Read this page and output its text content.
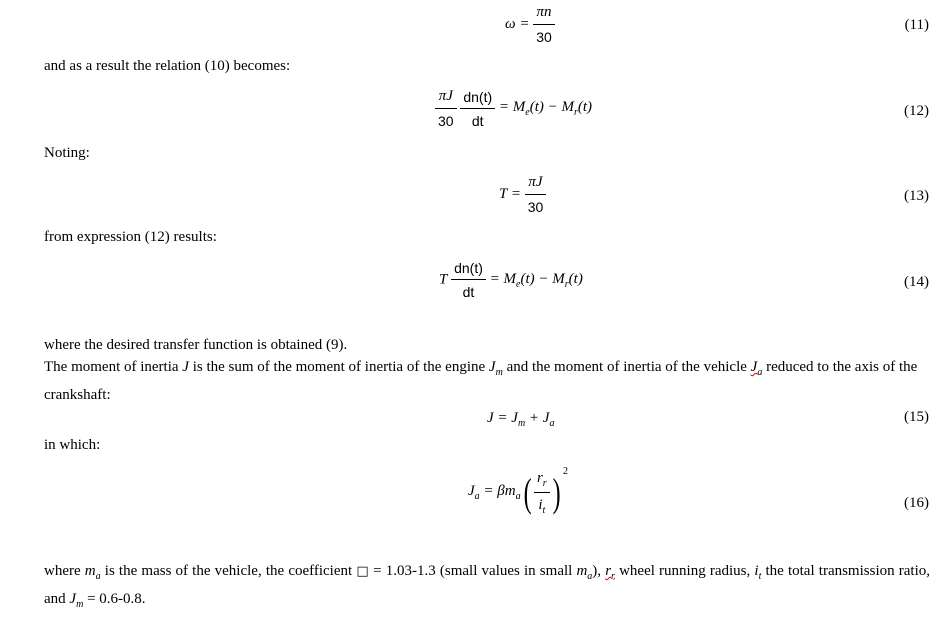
$\omega = \frac{\pi n}{30}$	(11)
and as a result the relation (10) becomes:
$\frac{\pi J}{30}$
$\frac{dn(t)}{dt} = M_e(t) - M_r(t)$	(12)
Noting:
$T = \frac{\pi J}{30}$	(13)
from expression (12) results:
T $\frac{dn(t)}{dt} = M_e(t) - M_r(t)$	(14)
where the desired transfer function is obtained (9).
The moment of inertia J is the sum of the moment of inertia of the engine $J_m$ and the moment of inertia of the vehicle $J_a$ reduced to the axis of the crankshaft:
$J = J_m + J_a$	(15)
in which:
$J_a = \beta m_a( \frac{r_r}{i_t}$ ) $^2$
(16)
where $m_a$ is the mass of the vehicle, the coefficient □ = 1.03-1.3 (small values in small $m_a$), $r_r$ wheel running radius, $i_t$ the total transmission ratio, and $J_m = 0.6-0.8$.
